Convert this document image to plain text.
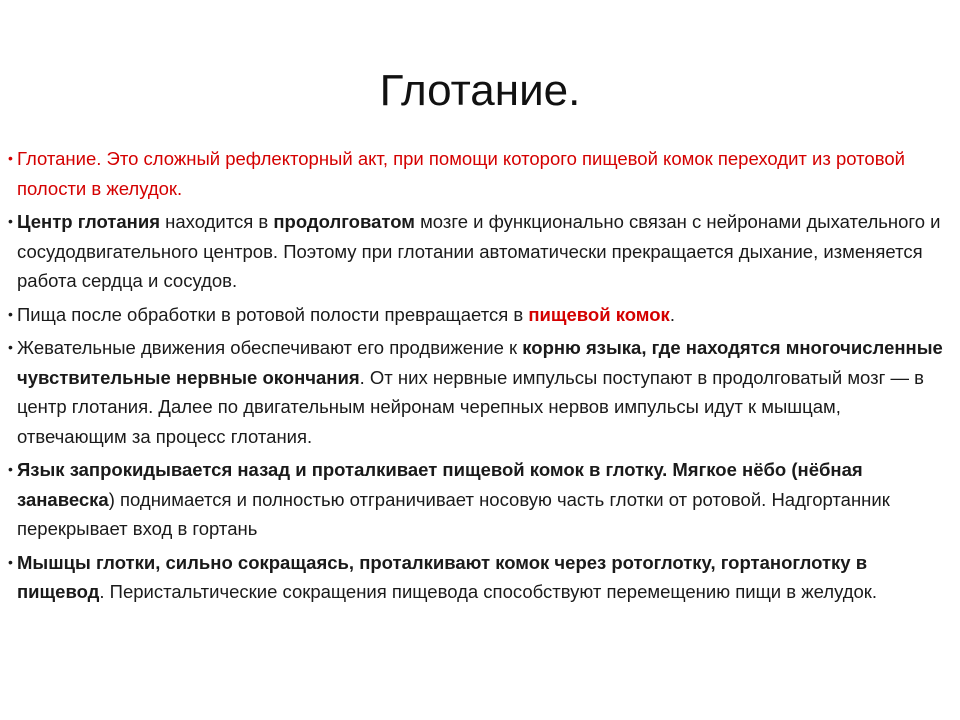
Глотание.

• Глотание. Это сложный рефлекторный акт, при помощи которого пищевой комок переходит из ротовой полости в желудок.

• Центр глотания находится в продолговатом мозге и функционально связан с нейронами дыхательного и сосудодвигательного центров. Поэтому при глотании автоматически прекращается дыхание, изменяется работа сердца и сосудов.

• Пища после обработки в ротовой полости превращается в пищевой комок.

• Жевательные движения обеспечивают его продвижение к корню языка, где находятся многочисленные чувствительные нервные окончания. От них нервные импульсы поступают в продолговатый мозг — в центр глотания. Далее по двигательным нейронам черепных нервов импульсы идут к мышцам, отвечающим за процесс глотания.

• Язык запрокидывается назад и проталкивает пищевой комок в глотку. Мягкое нёбо (нёбная занавеска) поднимается и полностью отграничивает носовую часть глотки от ротовой. Надгортанник перекрывает вход в гортань

• Мышцы глотки, сильно сокращаясь, проталкивают комок через ротоглотку, гортаноглотку в пищевод. Перистальтические сокращения пищевода способствуют перемещению пищи в желудок.
